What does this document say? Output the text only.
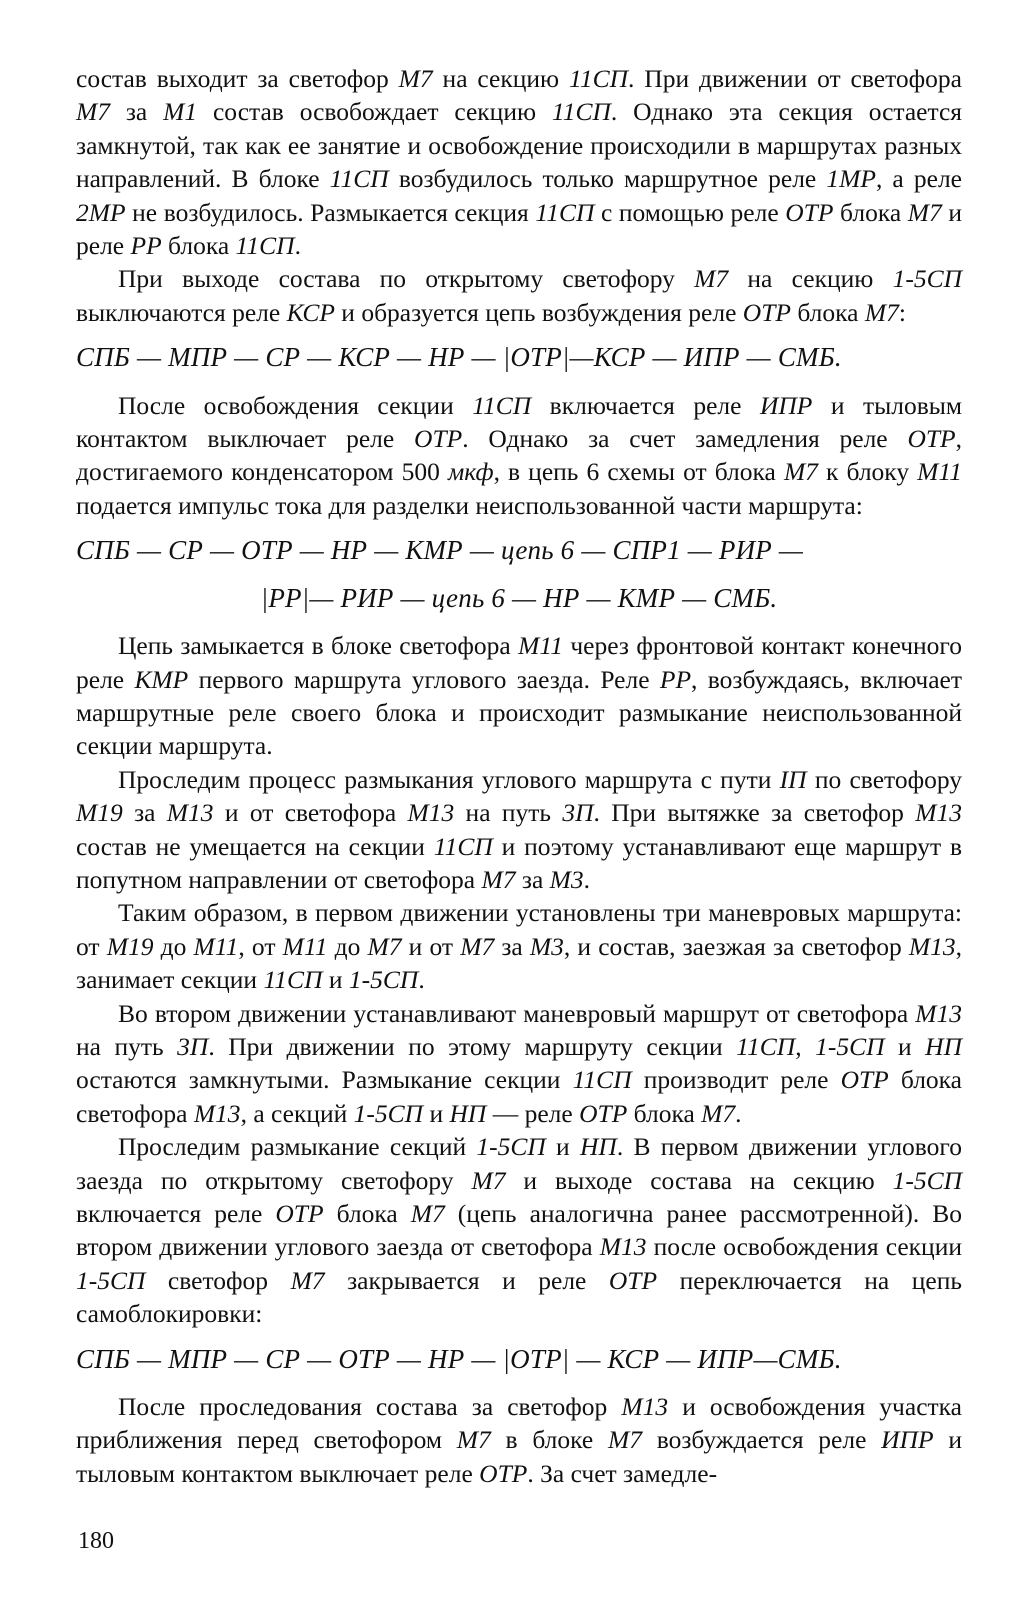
состав выходит за светофор М7 на секцию 11СП. При движении от светофора М7 за М1 состав освобождает секцию 11СП. Однако эта секция остается замкнутой, так как ее занятие и освобождение происходили в маршрутах разных направлений. В блоке 11СП возбудилось только маршрутное реле 1МР, а реле 2МР не возбудилось. Размыкается секция 11СП с помощью реле ОТР блока М7 и реле РР блока 11СП.
При выходе состава по открытому светофору М7 на секцию 1-5СП выключаются реле КСР и образуется цепь возбуждения реле ОТР блока М7:
СПБ — МПР — СР — КСР — НР — |ОТР|—КСР — ИПР — СМБ.
После освобождения секции 11СП включается реле ИПР и тыловым контактом выключает реле ОТР. Однако за счет замедления реле ОТР, достигаемого конденсатором 500 мкф, в цепь 6 схемы от блока М7 к блоку М11 подается импульс тока для разделки неиспользованной части маршрута:
СПБ — СР — ОТР — НР — КМР — цепь 6 — СПР1 — РИР —
|РР|— РИР — цепь 6 — НР — КМР — СМБ.
Цепь замыкается в блоке светофора М11 через фронтовой контакт конечного реле КМР первого маршрута углового заезда. Реле РР, возбуждаясь, включает маршрутные реле своего блока и происходит размыкание неиспользованной секции маршрута.
Проследим процесс размыкания углового маршрута с пути IП по светофору М19 за М13 и от светофора М13 на путь 3П. При вытяжке за светофор М13 состав не умещается на секции 11СП и поэтому устанавливают еще маршрут в попутном направлении от светофора М7 за М3.
Таким образом, в первом движении установлены три маневровых маршрута: от М19 до М11, от М11 до М7 и от М7 за М3, и состав, заезжая за светофор М13, занимает секции 11СП и 1-5СП.
Во втором движении устанавливают маневровый маршрут от светофора М13 на путь 3П. При движении по этому маршруту секции 11СП, 1-5СП и НП остаются замкнутыми. Размыкание секции 11СП производит реле ОТР блока светофора М13, а секций 1-5СП и НП — реле ОТР блока М7.
Проследим размыкание секций 1-5СП и НП. В первом движении углового заезда по открытому светофору М7 и выходе состава на секцию 1-5СП включается реле ОТР блока М7 (цепь аналогична ранее рассмотренной). Во втором движении углового заезда от светофора М13 после освобождения секции 1-5СП светофор М7 закрывается и реле ОТР переключается на цепь самоблокировки:
СПБ — МПР — СР — ОТР — НР — |ОТР| — КСР — ИПР—СМБ.
После проследования состава за светофор М13 и освобождения участка приближения перед светофором М7 в блоке М7 возбуждается реле ИПР и тыловым контактом выключает реле ОТР. За счет замедле-
180
